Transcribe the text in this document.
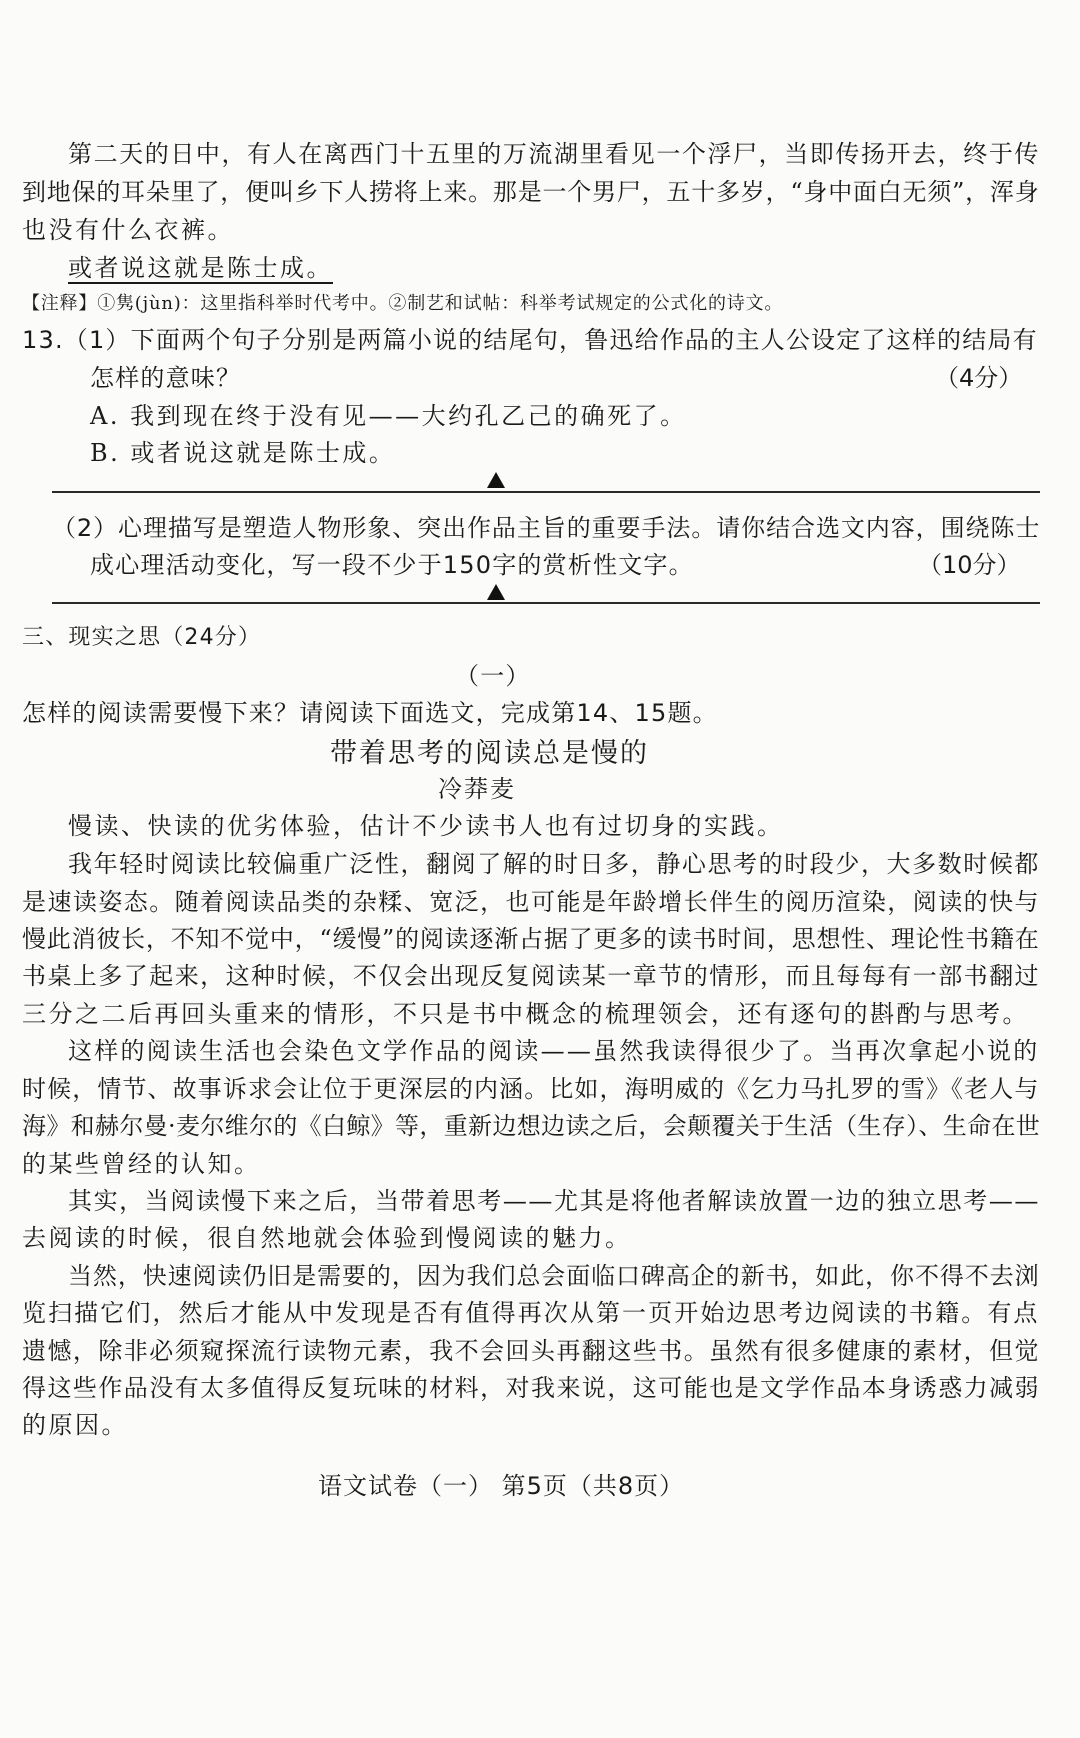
第二天的日中，有人在离西门十五里的万流湖里看见一个浮尸，当即传扬开去，终于传

到地保的耳朵里了，便叫乡下人捞将上来。那是一个男尸，五十多岁，“身中面白无须”，浑身

也没有什么衣裤。

或者说这就是陈士成。

【注释】①隽(jùn)：这里指科举时代考中。②制艺和试帖：科举考试规定的公式化的诗文。

13.（1）下面两个句子分别是两篇小说的结尾句，鲁迅给作品的主人公设定了这样的结局有

怎样的意味？	（4分）

A. 我到现在终于没有见——大约孔乙己的确死了。

B. 或者说这就是陈士成。

（2）心理描写是塑造人物形象、突出作品主旨的重要手法。请你结合选文内容，围绕陈士

成心理活动变化，写一段不少于150字的赏析性文字。	（10分）

三、现实之思（24分）

（一）

怎样的阅读需要慢下来？请阅读下面选文，完成第14、15题。

带着思考的阅读总是慢的

冷莽麦

慢读、快读的优劣体验，估计不少读书人也有过切身的实践。

我年轻时阅读比较偏重广泛性，翻阅了解的时日多，静心思考的时段少，大多数时候都

是速读姿态。随着阅读品类的杂糅、宽泛，也可能是年龄增长伴生的阅历渲染，阅读的快与

慢此消彼长，不知不觉中，“缓慢”的阅读逐渐占据了更多的读书时间，思想性、理论性书籍在

书桌上多了起来，这种时候，不仅会出现反复阅读某一章节的情形，而且每每有一部书翻过

三分之二后再回头重来的情形，不只是书中概念的梳理领会，还有逐句的斟酌与思考。

这样的阅读生活也会染色文学作品的阅读——虽然我读得很少了。当再次拿起小说的

时候，情节、故事诉求会让位于更深层的内涵。比如，海明威的《乞力马扎罗的雪》《老人与

海》和赫尔曼·麦尔维尔的《白鲸》等，重新边想边读之后，会颠覆关于生活（生存）、生命在世

的某些曾经的认知。

其实，当阅读慢下来之后，当带着思考——尤其是将他者解读放置一边的独立思考——

去阅读的时候，很自然地就会体验到慢阅读的魅力。

当然，快速阅读仍旧是需要的，因为我们总会面临口碑高企的新书，如此，你不得不去浏

览扫描它们，然后才能从中发现是否有值得再次从第一页开始边思考边阅读的书籍。有点

遗憾，除非必须窥探流行读物元素，我不会回头再翻这些书。虽然有很多健康的素材，但觉

得这些作品没有太多值得反复玩味的材料，对我来说，这可能也是文学作品本身诱惑力减弱

的原因。

语文试卷（一） 第5页（共8页）
